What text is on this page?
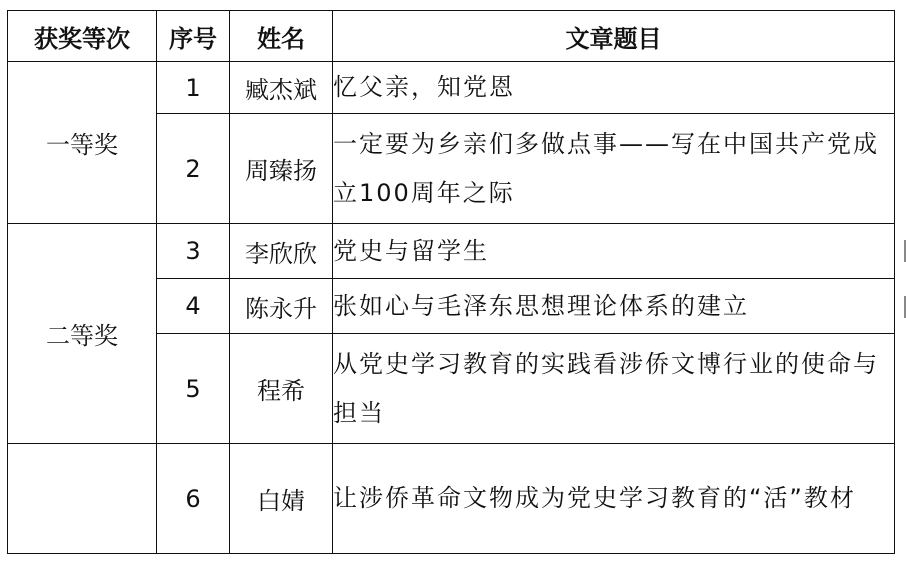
获奖等次	序号	姓名	文章题目
一等奖	1	臧杰斌	忆父亲，知党恩
	2	周臻扬	一定要为乡亲们多做点事——写在中国共产党成立100周年之际
二等奖	3	李欣欣	党史与留学生
	4	陈永升	张如心与毛泽东思想理论体系的建立
	5	程希	从党史学习教育的实践看涉侨文博行业的使命与担当
	6	白婧	让涉侨革命文物成为党史学习教育的“活”教材
